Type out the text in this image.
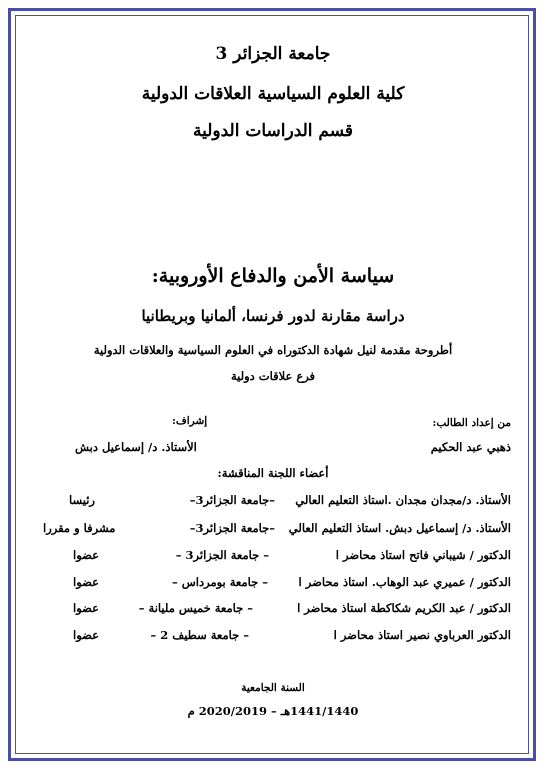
جامعة الجزائر 3
كلية العلوم السياسية العلاقات الدولية
قسم الدراسات الدولية
سياسة الأمن والدفاع الأوروبية:
دراسة مقارنة لدور فرنسا، ألمانيا وبريطانيا
أطروحة مقدمة لنيل شهادة الدكتوراه في العلوم السياسية والعلاقات الدولية
فرع علاقات دولية
من إعداد الطالب:
ذهبي عبد الحكيم
إشراف:
الأستاذ. د/ إسماعيل دبش
أعضاء اللجنة المناقشة:
الأستاذ. د/مجدان مجدان .استاذ التعليم العالي
–جامعة الجزائر3–
رئيسا
الأستاذ. د/ إسماعيل دبش. استاذ التعليم العالي
–جامعة الجزائر3–
مشرفا و مقررا
الدكتور / شيباني فاتح استاذ محاضر ا
– جامعة الجزائر3 –
عضوا
الدكتور / عميري عبد الوهاب. استاذ محاضر ا
– جامعة بومرداس –
عضوا
الدكتور / عبد الكريم شكاكطة استاذ محاضر ا
– جامعة خميس مليانة –
عضوا
الدكتور العرباوي نصير استاذ محاضر ا
– جامعة سطيف 2 –
عضوا
السنة الجامعية
1441/1440هـ – 2020/2019 م
